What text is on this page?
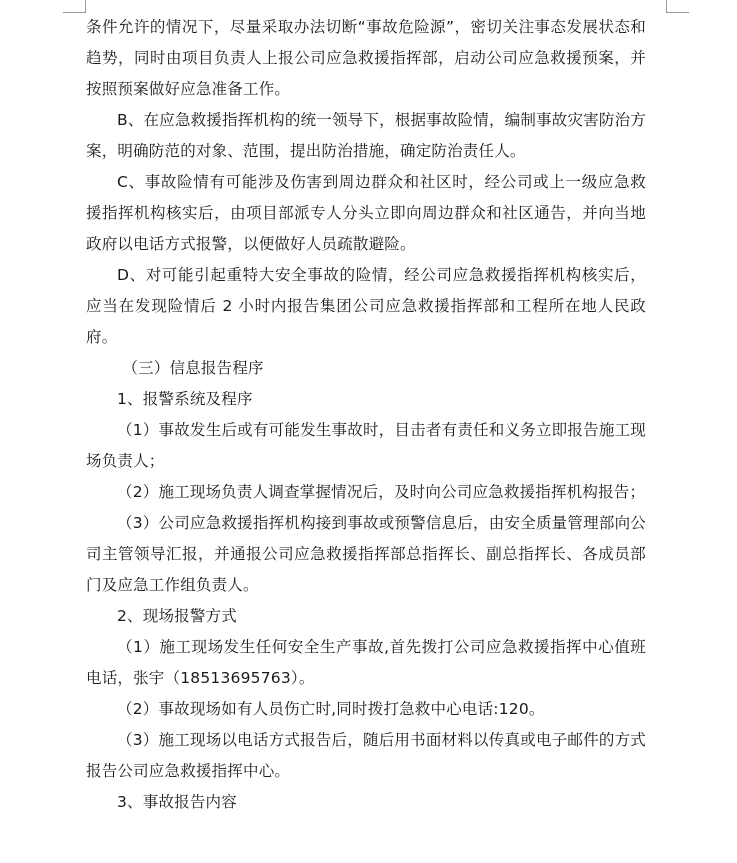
条件允许的情况下，尽量采取办法切断“事故危险源”，密切关注事态发展状态和趋势，同时由项目负责人上报公司应急救援指挥部，启动公司应急救援预案，并按照预案做好应急准备工作。

B、在应急救援指挥机构的统一领导下，根据事故险情，编制事故灾害防治方案，明确防范的对象、范围，提出防治措施，确定防治责任人。

C、事故险情有可能涉及伤害到周边群众和社区时，经公司或上一级应急救援指挥机构核实后，由项目部派专人分头立即向周边群众和社区通告，并向当地政府以电话方式报警，以便做好人员疏散避险。

D、对可能引起重特大安全事故的险情，经公司应急救援指挥机构核实后，应当在发现险情后 2 小时内报告集团公司应急救援指挥部和工程所在地人民政府。

（三）信息报告程序

1、报警系统及程序

（1）事故发生后或有可能发生事故时，目击者有责任和义务立即报告施工现场负责人；

（2）施工现场负责人调查掌握情况后，及时向公司应急救援指挥机构报告；

（3）公司应急救援指挥机构接到事故或预警信息后，由安全质量管理部向公司主管领导汇报，并通报公司应急救援指挥部总指挥长、副总指挥长、各成员部门及应急工作组负责人。

2、现场报警方式

（1）施工现场发生任何安全生产事故,首先拨打公司应急救援指挥中心值班电话，张宇（18513695763）。

（2）事故现场如有人员伤亡时,同时拨打急救中心电话:120。

（3）施工现场以电话方式报告后，随后用书面材料以传真或电子邮件的方式报告公司应急救援指挥中心。

3、事故报告内容
